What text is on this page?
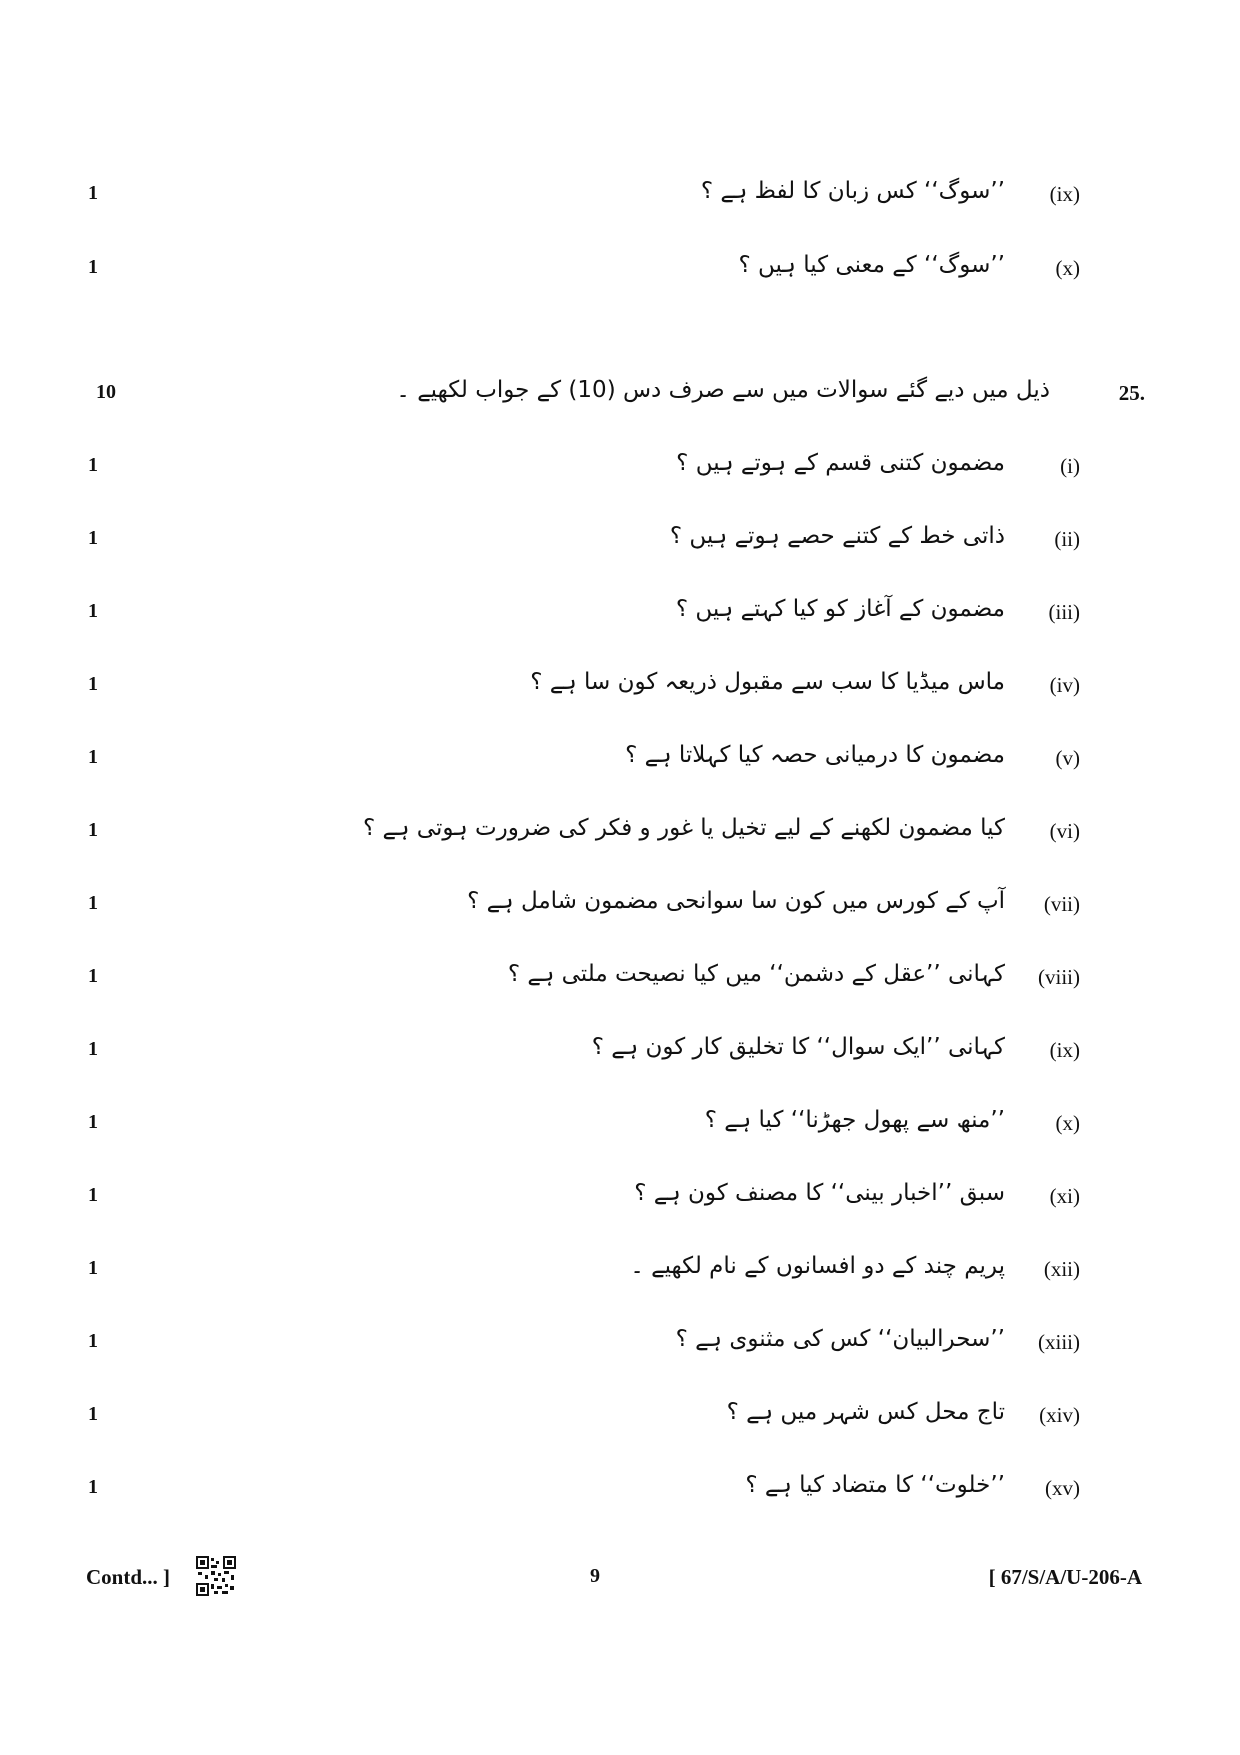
1	’’سوگ‘‘ کس زبان کا لفظ ہے ؟	(ix)
1	’’سوگ‘‘ کے معنی کیا ہیں ؟	(x)
10	ذیل میں دیے گئے سوالات میں سے صرف دس (10) کے جواب لکھیے ۔	25.
1	مضمون کتنی قسم کے ہوتے ہیں ؟	(i)
1	ذاتی خط کے کتنے حصے ہوتے ہیں ؟	(ii)
1	مضمون کے آغاز کو کیا کہتے ہیں ؟	(iii)
1	ماس میڈیا کا سب سے مقبول ذریعہ کون سا ہے ؟	(iv)
1	مضمون کا درمیانی حصہ کیا کہلاتا ہے ؟	(v)
1	کیا مضمون لکھنے کے لیے تخیل یا غور و فکر کی ضرورت ہوتی ہے ؟	(vi)
1	آپ کے کورس میں کون سا سوانحی مضمون شامل ہے ؟	(vii)
1	کہانی ’’عقل کے دشمن‘‘ میں کیا نصیحت ملتی ہے ؟	(viii)
1	کہانی ’’ایک سوال‘‘ کا تخلیق کار کون ہے ؟	(ix)
1	’’منھ سے پھول جھڑنا‘‘ کیا ہے ؟	(x)
1	سبق ’’اخبار بینی‘‘ کا مصنف کون ہے ؟	(xi)
1	پریم چند کے دو افسانوں کے نام لکھیے ۔	(xii)
1	’’سحرالبیان‘‘ کس کی مثنوی ہے ؟	(xiii)
1	تاج محل کس شہر میں ہے ؟	(xiv)
1	’’خلوت‘‘ کا متضاد کیا ہے ؟	(xv)
Contd... ]	9	[ 67/S/A/U-206-A
